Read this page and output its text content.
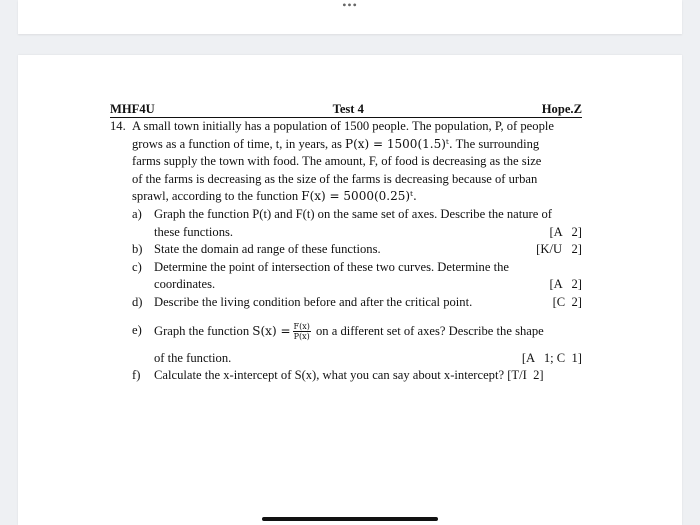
•••
MHF4U	Test 4	Hope.Z
14. A small town initially has a population of 1500 people. The population, P, of people
grows as a function of time, t, in years, as P(x) = 1500(1.5)ᵗ. The surrounding
farms supply the town with food. The amount, F, of food is decreasing as the size
of the farms is decreasing as the size of the farms is decreasing because of urban
sprawl, according to the function F(x) = 5000(0.25)ᵗ.
a) Graph the function P(t) and F(t) on the same set of axes. Describe the nature of
these functions.	[A   2]
b) State the domain ad range of these functions.	[K/U   2]
c) Determine the point of intersection of these two curves. Determine the
coordinates.	[A   2]
d) Describe the living condition before and after the critical point.	[C  2]
e) Graph the function $S(x) = \frac{F(x)}{P(x)}$ on a different set of axes? Describe the shape
of the function.	[A   1; C  1]
f) Calculate the x-intercept of S(x), what you can say about x-intercept? [T/I  2]
